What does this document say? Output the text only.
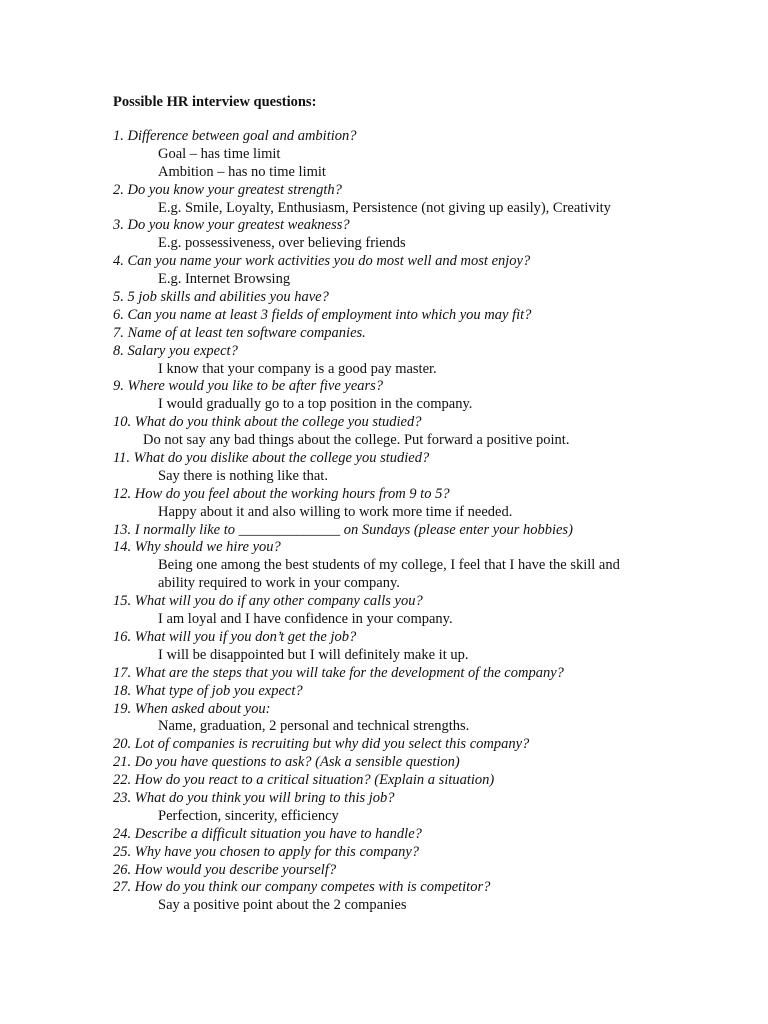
Possible HR interview questions:
1. Difference between goal and ambition?
Goal – has time limit
Ambition – has no time limit
2. Do you know your greatest strength?
E.g. Smile, Loyalty, Enthusiasm, Persistence (not giving up easily), Creativity
3. Do you know your greatest weakness?
E.g. possessiveness, over believing friends
4. Can you name your work activities you do most well and most enjoy?
E.g. Internet Browsing
5. 5 job skills and abilities you have?
6. Can you name at least 3 fields of employment into which you may fit?
7. Name of at least ten software companies.
8. Salary you expect?
I know that your company is a good pay master.
9. Where would you like to be after five years?
I would gradually go to a top position in the company.
10. What do you think about the college you studied?
Do not say any bad things about the college. Put forward a positive point.
11. What do you dislike about the college you studied?
Say there is nothing like that.
12. How do you feel about the working hours from 9 to 5?
Happy about it and also willing to work more time if needed.
13. I normally like to ______________ on Sundays (please enter your hobbies)
14. Why should we hire you?
Being one among the best students of my college, I feel that I have the skill and
ability required to work in your company.
15. What will you do if any other company calls you?
I am loyal and I have confidence in your company.
16. What will you if you don’t get the job?
I will be disappointed but I will definitely make it up.
17. What are the steps that you will take for the development of the company?
18. What type of job you expect?
19. When asked about you:
Name, graduation, 2 personal and technical strengths.
20. Lot of companies is recruiting but why did you select this company?
21. Do you have questions to ask? (Ask a sensible question)
22. How do you react to a critical situation? (Explain a situation)
23. What do you think you will bring to this job?
Perfection, sincerity, efficiency
24. Describe a difficult situation you have to handle?
25. Why have you chosen to apply for this company?
26. How would you describe yourself?
27. How do you think our company competes with is competitor?
Say a positive point about the 2 companies
